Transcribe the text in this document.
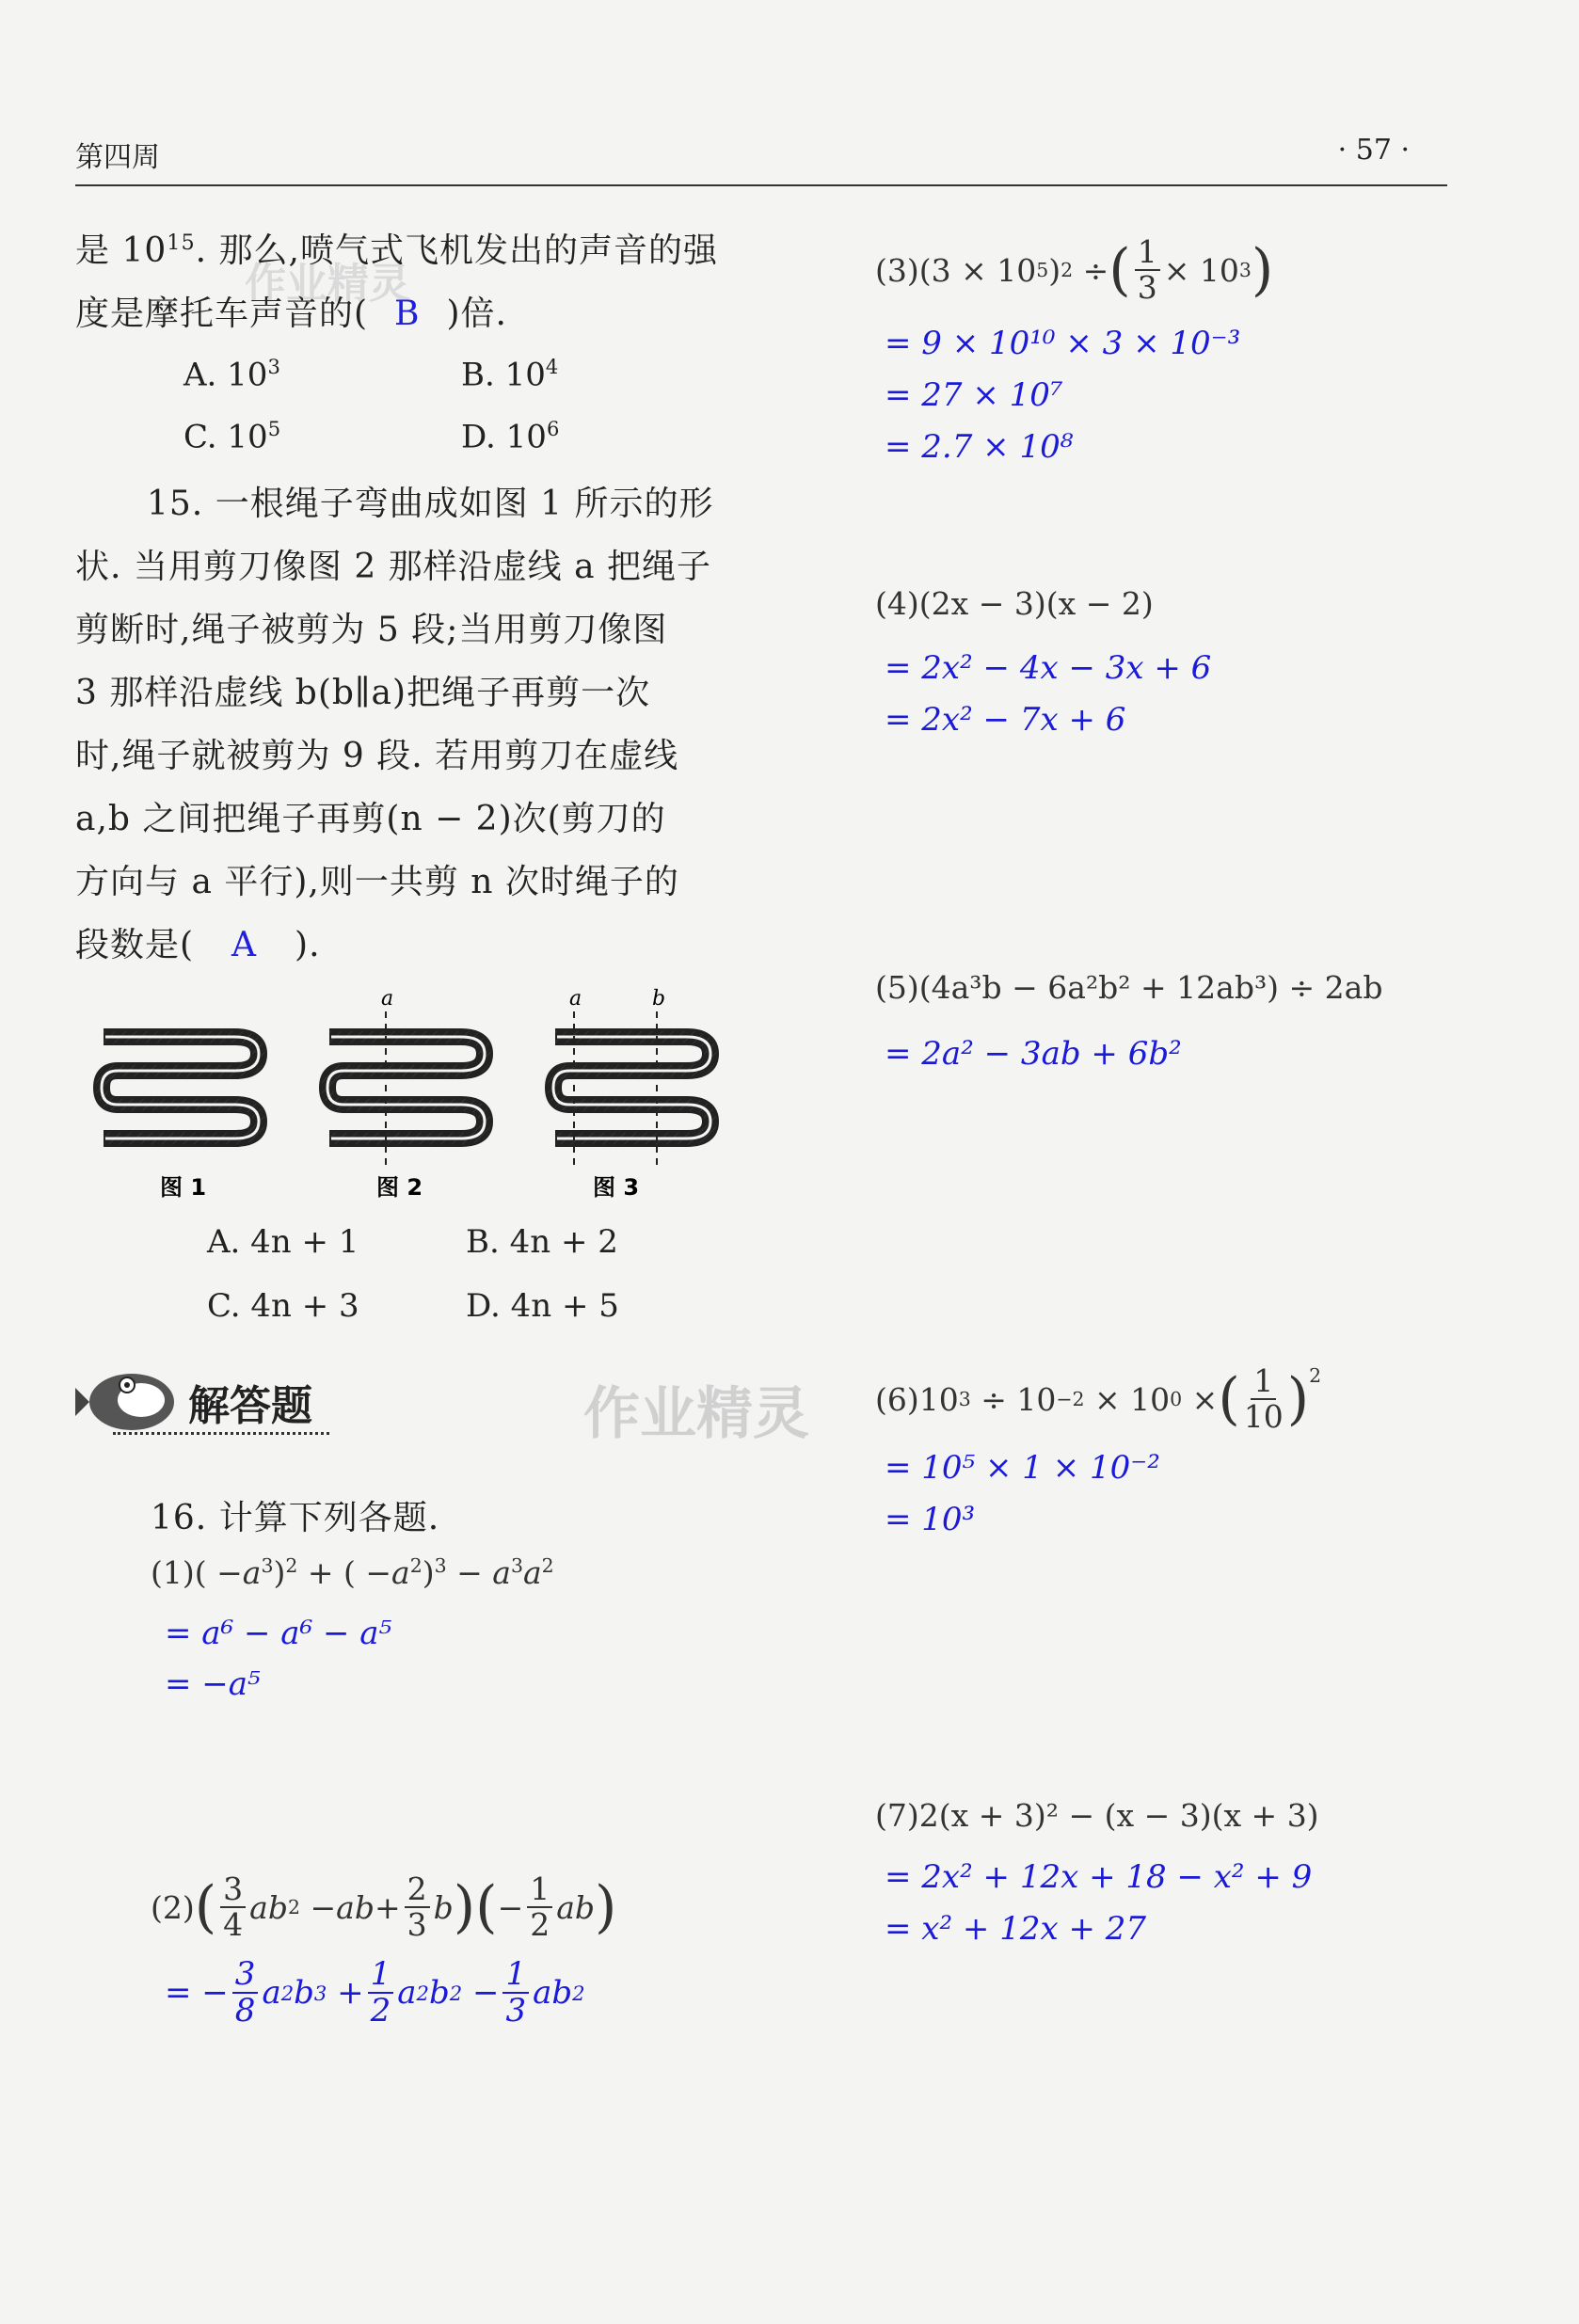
第四周	· 57 ·
作业精灵
是 $10^{15}$. 那么,喷气式飞机发出的声音的强
度是摩托车声音的( B )倍.
A. $10^3$	B. $10^4$
C. $10^5$	D. $10^6$
15. 一根绳子弯曲成如图 1 所示的形
状. 当用剪刀像图 2 那样沿虚线 a 把绳子
剪断时,绳子被剪为 5 段;当用剪刀像图
3 那样沿虚线 b(b∥a)把绳子再剪一次
时,绳子就被剪为 9 段. 若用剪刀在虚线
a,b 之间把绳子再剪(n − 2)次(剪刀的
方向与 a 平行),则一共剪 n 次时绳子的
段数是( A ).
a	a	b
图 1	图 2	图 3
A. 4n + 1	B. 4n + 2
C. 4n + 3	D. 4n + 5
解答题	作业精灵
16. 计算下列各题.
$(1)( -a^3)^2$ + ( $-a^2)^3 - a^3a^2$
= a⁶ − a⁶ − a⁵
= −a⁵
(2) ( $\frac{3}{4}$ ab 2 − ab + $\frac{2}{3}$ b )( − $\frac{1}{2}$ ab )
= − $\frac{3}{8}$ a 2 b $3 + \frac{1}{2}$ a 2 b $2 - \frac{1}{3}$ ab 2
(3) (3 × 10 5 ) 2 ÷ ( $\frac{1}{3} \times 10$ 3 )
= 9 × 10¹⁰ × 3 × 10⁻³
= 27 × 10⁷
= 2.7 × 10⁸
(4)(2x − 3)(x − 2)
= 2x² − 4x − 3x + 6
= 2x² − 7x + 6
(5)(4a³b − 6a²b² + 12ab³) ÷ 2ab
= 2a² − 3ab + 6b²
(6) 10 3 ÷ 10 −2 × 10 0 × ( $\frac{1}{10} )^2$
= 10⁵ × 1 × 10⁻²
= 10³
(7)2(x + 3)² − (x − 3)(x + 3)
= 2x² + 12x + 18 − x² + 9
= x² + 12x + 27
